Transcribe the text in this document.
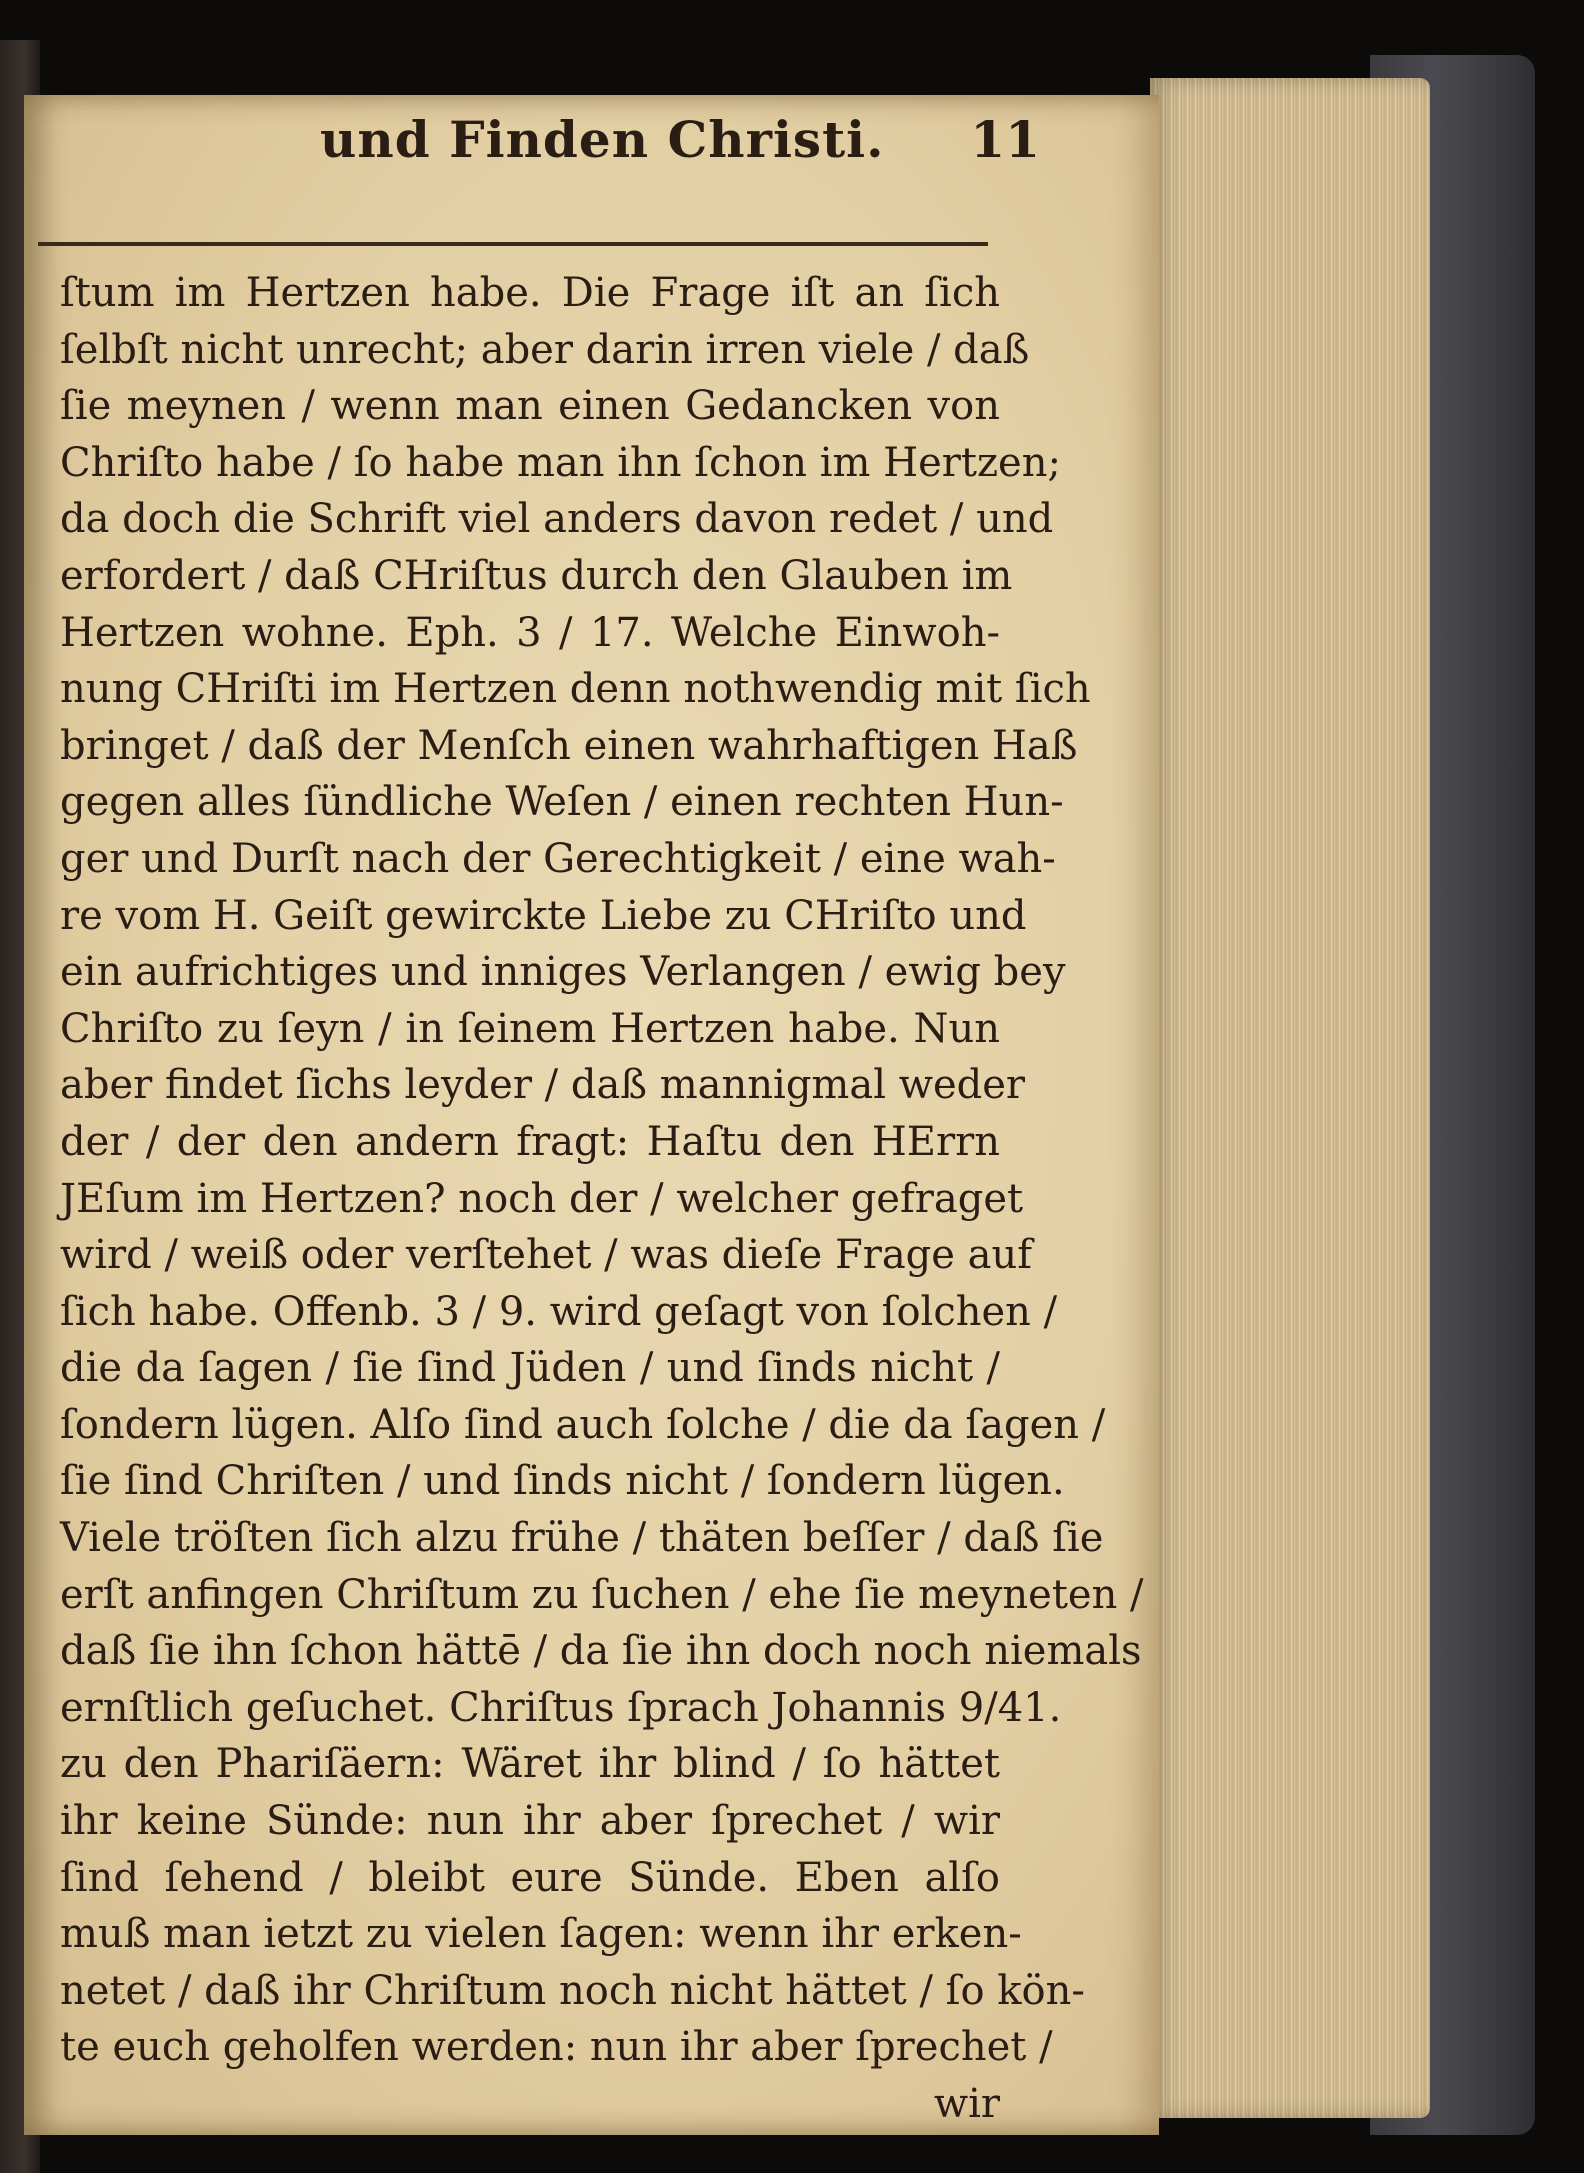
und Finden Christi. 11
ſtum im Hertzen habe. Die Frage iſt an ſich
ſelbſt nicht unrecht; aber darin irren viele / daß
ſie meynen / wenn man einen Gedancken von
Chriſto habe / ſo habe man ihn ſchon im Hertzen;
da doch die Schrift viel anders davon redet / und
erfordert / daß CHriſtus durch den Glauben im
Hertzen wohne. Eph. 3 / 17. Welche Einwoh-
nung CHriſti im Hertzen denn nothwendig mit ſich
bringet / daß der Menſch einen wahrhaftigen Haß
gegen alles ſündliche Weſen / einen rechten Hun-
ger und Durſt nach der Gerechtigkeit / eine wah-
re vom H. Geiſt gewirckte Liebe zu CHriſto und
ein aufrichtiges und inniges Verlangen / ewig bey
Chriſto zu ſeyn / in ſeinem Hertzen habe. Nun
aber findet ſichs leyder / daß mannigmal weder
der / der den andern fragt: Haſtu den HErrn
JEſum im Hertzen? noch der / welcher gefraget
wird / weiß oder verſtehet / was dieſe Frage auf
ſich habe. Offenb. 3 / 9. wird geſagt von ſolchen /
die da ſagen / ſie ſind Jüden / und ſinds nicht /
ſondern lügen. Alſo ſind auch ſolche / die da ſagen /
ſie ſind Chriſten / und ſinds nicht / ſondern lügen.
Viele tröſten ſich alzu frühe / thäten beſſer / daß ſie
erſt anfingen Chriſtum zu ſuchen / ehe ſie meyneten /
daß ſie ihn ſchon hättē / da ſie ihn doch noch niemals
ernſtlich geſuchet. Chriſtus ſprach Johannis 9/41.
zu den Phariſäern: Wäret ihr blind / ſo hättet
ihr keine Sünde: nun ihr aber ſprechet / wir
ſind ſehend / bleibt eure Sünde. Eben alſo
muß man ietzt zu vielen ſagen: wenn ihr erken-
netet / daß ihr Chriſtum noch nicht hättet / ſo kön-
te euch geholfen werden: nun ihr aber ſprechet /
wir
